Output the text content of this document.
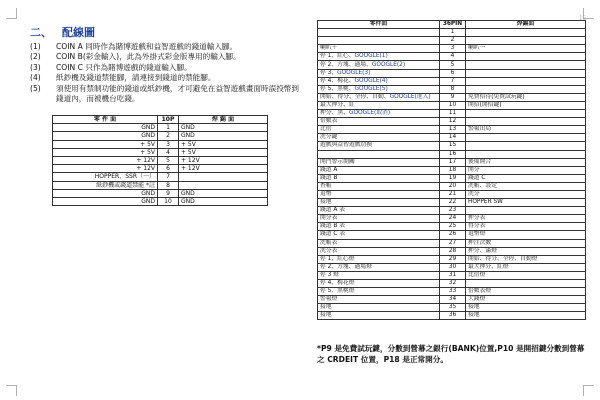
16
二、 配線圖
(1)	COIN A 同時作為賭博遊戲和益智遊戲的錢道輸入腳。
(2)	COIN B(彩金輸入)，此為外掛式彩金版專用的輸入腳。
(3)	COIN C 只作為賭博遊戲的錢道輸入腳。
(4)	紙鈔機及錢道禁能腳，請連接到錢道的禁能腳。
(5)	須使用有禁制功能的錢道或紙鈔機，才可避免在益智遊戲畫面時誤投幣到錢道內，而被機台吃錢。
零 件 面	10P	焊 錫 面
GND	1	GND
GND	2	GND
+ 5V	3	+ 5V
+ 5V	4	+ 5V
+ 12V	5	+ 12V
+ 12V	6	+ 12V
HOPPER、SSR（一）	7	
紙鈔機或錢道禁能 *註	8	
GND	9	GND
GND	10	GND
零件面	36PIN	焊錫面
	1	
	2	
喇叭＋	3	喇叭一
停 1、紅心、GOOGLE(1)	4	
停 2、方塊、過場、GOOGLE(2)	5	
停 3、GOOGLE(3)	6	
停 4、梅花、GOOGLE(4)	7	
停 5、黑桃、GOOGLE(5)	8	
開始、得分、全停、自動、GOOGLE(進入)	9	免費招待(免費試玩鍵)
最大押分、紅	10	開招(開招鍵)
押分、黑、GOOGLE(取消)	11	
倍數表	12	
比倍	13	警報出局
洗分鍵	14	
遊戲與益智遊戲切換	15	
	16	
開門警示開關	17	後備開合
錢道 A	18	開分
錢道 B	19	錢道 C
查帳	20	洗帳、設定
退幣	21	洗分
接地	22	HOPPER SW
錢道 A 表	23	
開分表	24	押分表
錢道 B 表	25	得分表
錢道 C 表	26	退幣燈
洗帳表	27	押注次數
洗分表	28	押分、滿燈
停 1、紅心燈	29	開始、得分、全停、自動燈
停 2、方塊、過場燈	30	最大押分、紅燈
停 3 燈	31	比倍燈
停 4、梅花燈	32	
停 5、黑桃燈	33	倍數表燈
警報燈	34	大錢燈
接地	35	接地
接地	36	接地
*P9 是免費試玩鍵，分數到營幕之銀行(BANK)位置,P10 是開招鍵分數到營幕之 CRDEIT 位置，P18 是正常開分。
